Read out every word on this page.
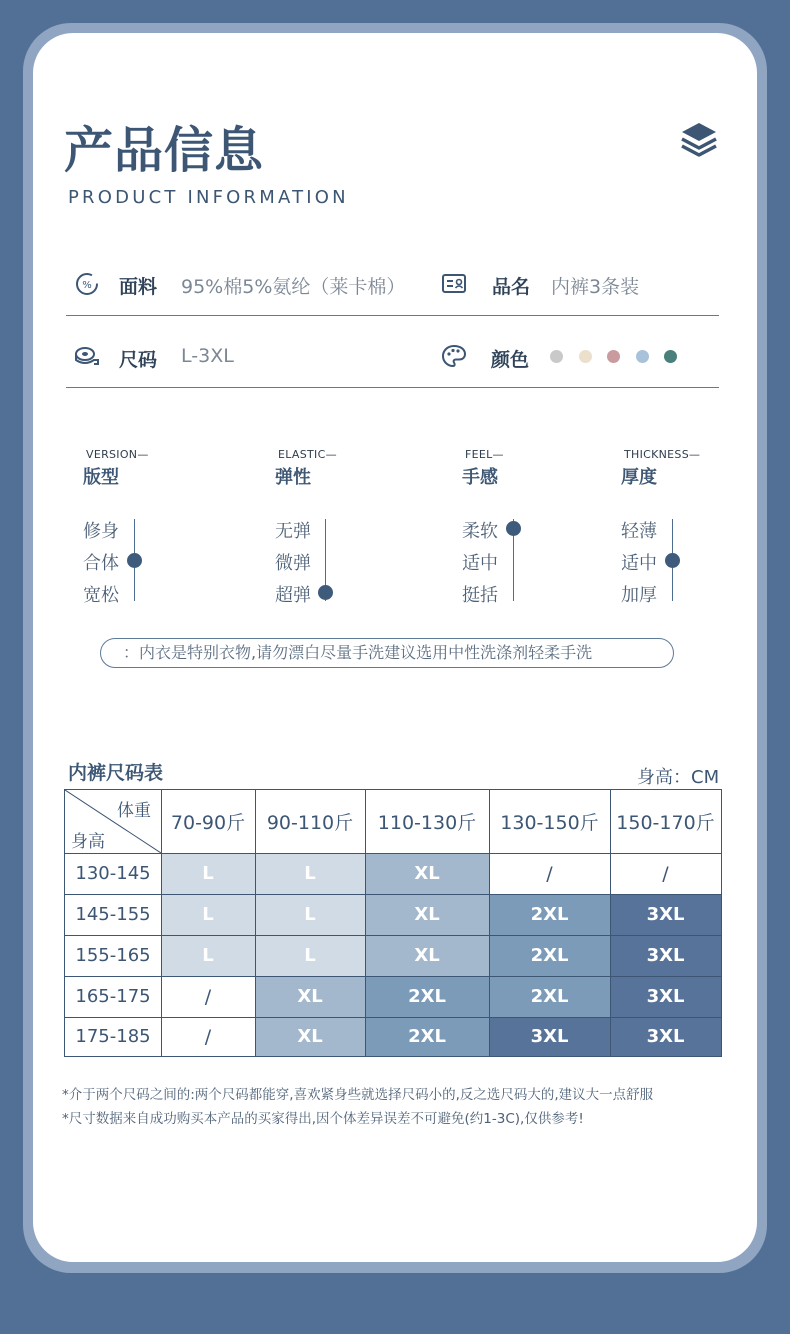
产品信息
PRODUCT INFORMATION
% 面料 95%棉5%氨纶（莱卡棉）	品名 内裤3条装
尺码 L-3XL	颜色
VERSION—
版型
修身
合体
宽松
ELASTIC—
弹性
无弹
微弹
超弹
FEEL—
手感
柔软
适中
挺括
THICKNESS—
厚度
轻薄
适中
加厚
：内衣是特别衣物,请勿漂白尽量手洗建议选用中性洗涤剂轻柔手洗
内裤尺码表	身高：CM
体重
身高
70-90斤	90-110斤	110-130斤	130-150斤 150-170斤
130-145	L	L	XL	/	/
145-155	L	L	XL	2XL	3XL
155-165	L	L	XL	2XL	3XL
165-175	/	XL	2XL	2XL	3XL
175-185	/	XL	2XL	3XL	3XL
*介于两个尺码之间的:两个尺码都能穿,喜欢紧身些就选择尺码小的,反之选尺码大的,建议大一点舒服
*尺寸数据来自成功购买本产品的买家得出,因个体差异误差不可避免(约1-3C),仅供参考!
